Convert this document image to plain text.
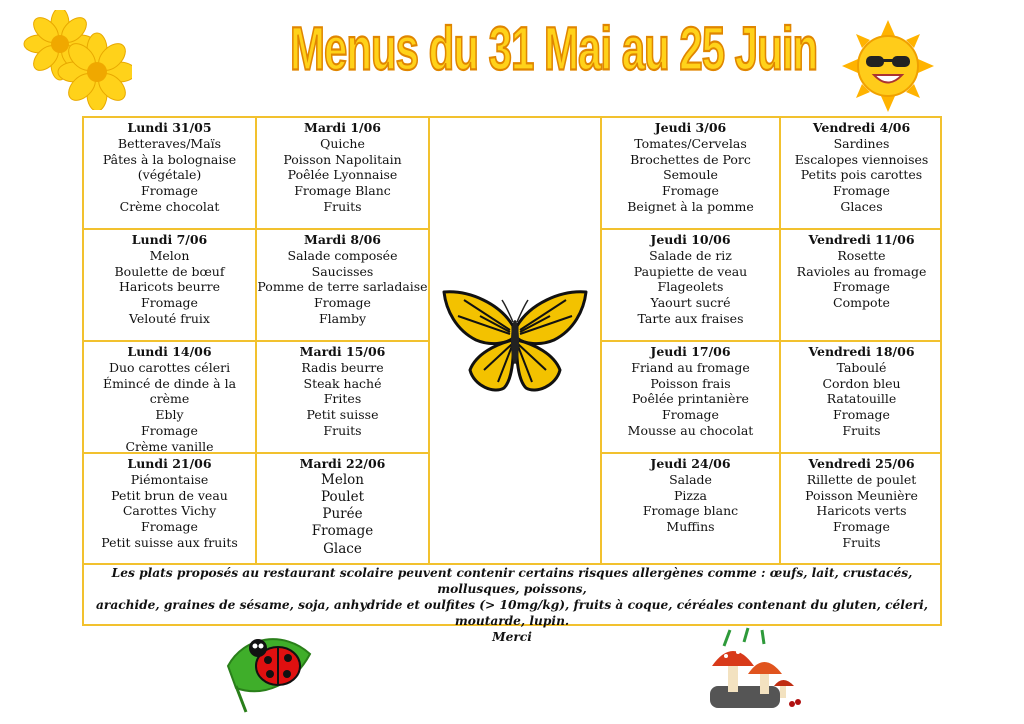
Menus du 31 Mai au 25 Juin
Lundi 31/05
Betteraves/Maïs
Pâtes à la bolognaise
(végétale)
Fromage
Crème chocolat
Mardi 1/06
Quiche
Poisson Napolitain
Poêlée Lyonnaise
Fromage Blanc
Fruits
Jeudi 3/06
Tomates/Cervelas
Brochettes de Porc
Semoule
Fromage
Beignet à la pomme
Vendredi 4/06
Sardines
Escalopes viennoises
Petits pois carottes
Fromage
Glaces
Lundi 7/06
Melon
Boulette de bœuf
Haricots beurre
Fromage
Velouté fruix
Mardi 8/06
Salade composée
Saucisses
Pomme de terre sarladaise
Fromage
Flamby
Jeudi 10/06
Salade de riz
Paupiette de veau
Flageolets
Yaourt sucré
Tarte aux fraises
Vendredi 11/06
Rosette
Ravioles au fromage
Fromage
Compote
Lundi 14/06
Duo carottes céleri
Émincé de dinde à la crème
Ebly
Fromage
Crème vanille
Mardi 15/06
Radis beurre
Steak haché
Frites
Petit suisse
Fruits
Jeudi 17/06
Friand au fromage
Poisson frais
Poêlée printanière
Fromage
Mousse au chocolat
Vendredi 18/06
Taboulé
Cordon bleu
Ratatouille
Fromage
Fruits
Lundi 21/06
Piémontaise
Petit brun de veau
Carottes Vichy
Fromage
Petit suisse aux fruits
Mardi 22/06
Melon
Poulet
Purée
Fromage
Glace
Jeudi 24/06
Salade
Pizza
Fromage blanc
Muffins
Vendredi 25/06
Rillette de poulet
Poisson Meunière
Haricots verts
Fromage
Fruits
Les plats proposés au restaurant scolaire peuvent contenir certains risques allergènes comme : œufs, lait, crustacés, mollusques, poissons,
arachide, graines de sésame, soja, anhydride et oulfites (> 10mg/kg), fruits à coque, céréales contenant du gluten, céleri, moutarde, lupin.
Merci
